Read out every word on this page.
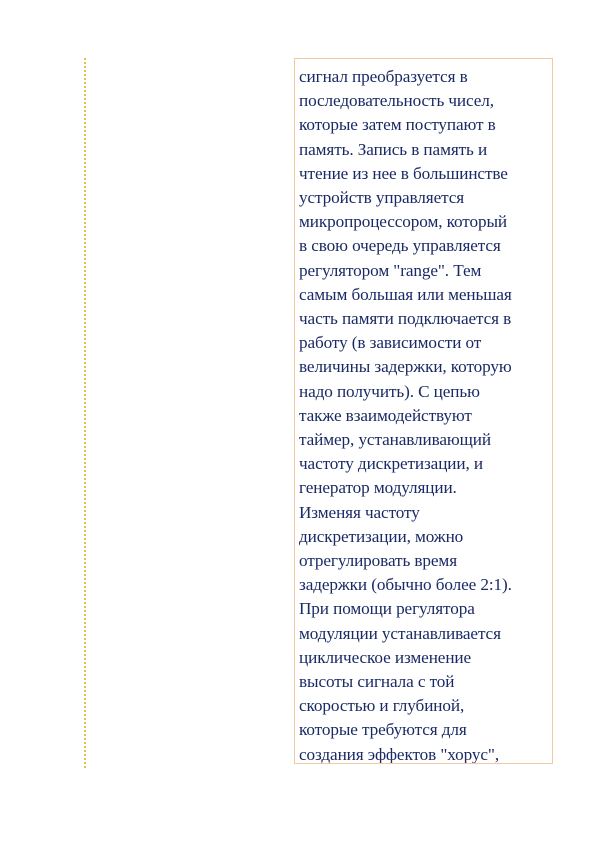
сигнал преобразуется в
последовательность чисел,
которые затем поступают в
память. Запись в память и
чтение из нее в большинстве
устройств управляется
микропроцессором, который
в свою очередь управляется
регулятором "range". Тем
самым большая или меньшая
часть памяти подключается в
работу (в зависимости от
величины задержки, которую
надо получить). С цепью
также взаимодействуют
таймер, устанавливающий
частоту дискретизации, и
генератор модуляции.
Изменяя частоту
дискретизации, можно
отрегулировать время
задержки (обычно более 2:1).
При помощи регулятора
модуляции устанавливается
циклическое изменение
высоты сигнала с той
скоростью и глубиной,
которые требуются для
создания эффектов "хорус",
